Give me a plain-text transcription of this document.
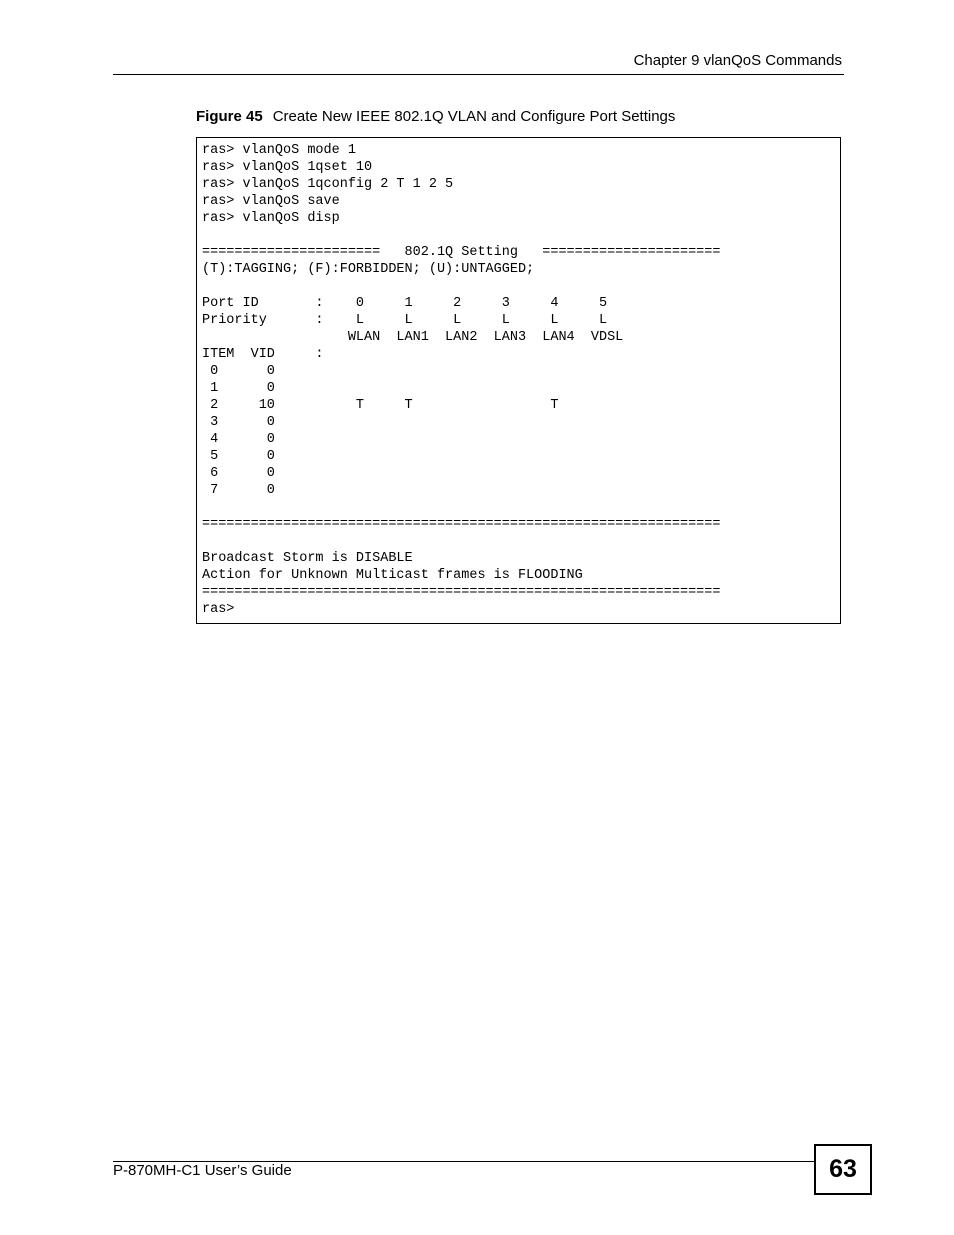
Chapter 9 vlanQoS Commands
Figure 45 Create New IEEE 802.1Q VLAN and Configure Port Settings
ras> vlanQoS mode 1
ras> vlanQoS 1qset 10
ras> vlanQoS 1qconfig 2 T 1 2 5
ras> vlanQoS save
ras> vlanQoS disp

======================   802.1Q Setting   ======================
(T):TAGGING; (F):FORBIDDEN; (U):UNTAGGED;

Port ID       :    0     1     2     3     4     5
Priority      :    L     L     L     L     L     L
WLAN  LAN1  LAN2  LAN3  LAN4  VDSL
ITEM  VID     :
0      0
1      0
2     10          T     T                 T
3      0
4      0
5      0
6      0
7      0

================================================================

Broadcast Storm is DISABLE
Action for Unknown Multicast frames is FLOODING
================================================================
ras>
P-870MH-C1 User’s Guide	63
